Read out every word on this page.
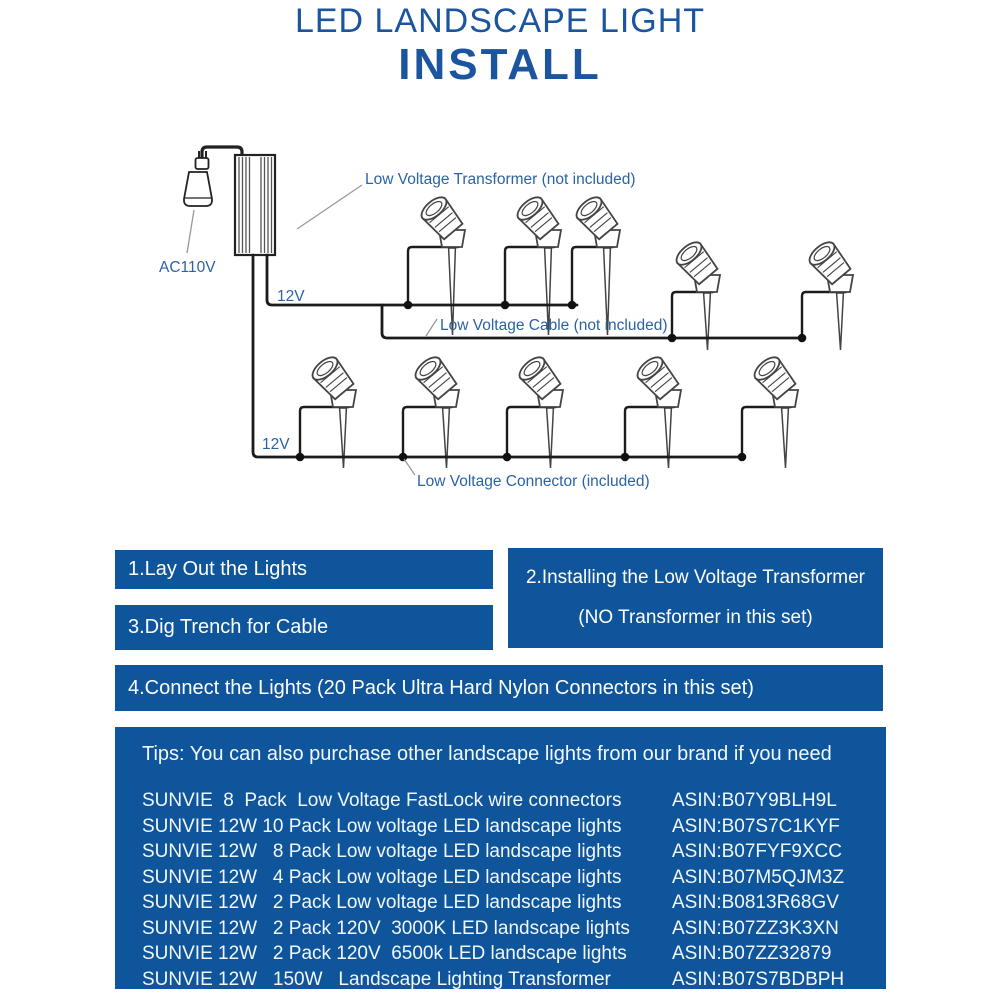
LED LANDSCAPE LIGHT
INSTALL
Low Voltage Transformer (not included)
AC110V
12V
Low Voltage Cable (not included)
12V
Low Voltage Connector (included)
1.Lay Out the Lights	2.Installing the Low Voltage Transformer
(NO Transformer in this set)
3.Dig Trench for Cable
4.Connect the Lights (20 Pack Ultra Hard Nylon Connectors in this set)
Tips: You can also purchase other landscape lights from our brand if you need
SUNVIE  8  Pack  Low Voltage FastLock wire connectors	ASIN:B07Y9BLH9L
SUNVIE 12W 10 Pack Low voltage LED landscape lights	ASIN:B07S7C1KYF
SUNVIE 12W   8 Pack Low voltage LED landscape lights	ASIN:B07FYF9XCC
SUNVIE 12W   4 Pack Low voltage LED landscape lights	ASIN:B07M5QJM3Z
SUNVIE 12W   2 Pack Low voltage LED landscape lights	ASIN:B0813R68GV
SUNVIE 12W   2 Pack 120V  3000K LED landscape lights	ASIN:B07ZZ3K3XN
SUNVIE 12W   2 Pack 120V  6500k LED landscape lights	ASIN:B07ZZ32879
SUNVIE 12W   150W   Landscape Lighting Transformer	ASIN:B07S7BDBPH
